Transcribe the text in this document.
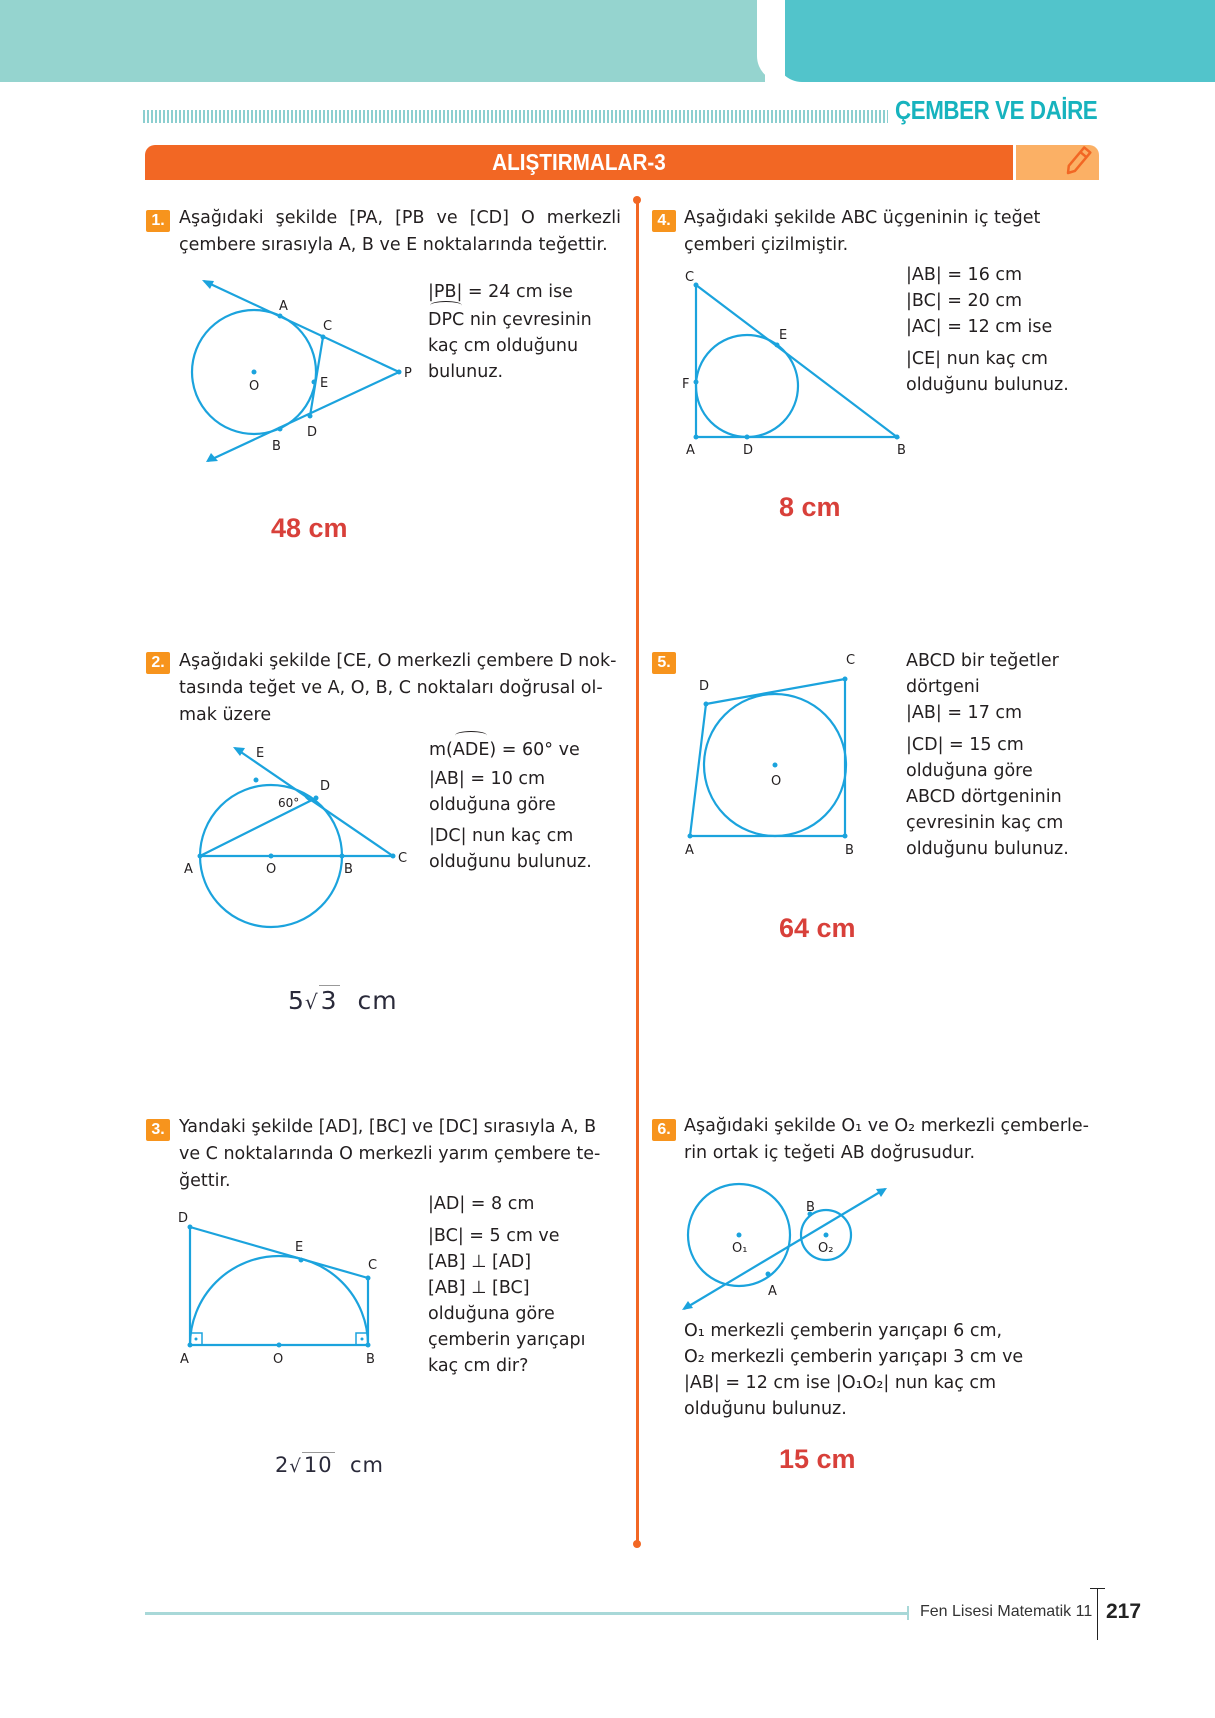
ÇEMBER VE DAİRE
ALIŞTIRMALAR-3
1. Aşağıdaki şekilde [PA, [PB ve [CD] O merkezli çembere sırasıyla A, B ve E noktalarında teğettir.
A
C
O	E
P
D
B
|PB| = 24 cm ise
DPC nin çevresinin
kaç cm olduğunu
bulunuz.
48 cm
2. Aşağıdaki şekilde [CE, O merkezli çembere D nok-
tasında teğet ve A, O, B, C noktaları doğrusal ol-
mak üzere
E
D
60°
A	O	B
C
m(ADE) = 60° ve
|AB| = 10 cm
olduğuna göre
|DC| nun kaç cm
olduğunu bulunuz.
5√3 cm
3. Yandaki şekilde [AD], [BC] ve [DC] sırasıyla A, B
ve C noktalarında O merkezli yarım çembere te-
ğettir.
D
E
C
A	O	B
|AD| = 8 cm
|BC| = 5 cm ve
[AB] ⊥ [AD]
[AB] ⊥ [BC]
olduğuna göre
çemberin yarıçapı
kaç cm dir?
2√10 cm
4. Aşağıdaki şekilde ABC üçgeninin iç teğet
çemberi çizilmiştir.
C
E
F
A	D	B
|AB| = 16 cm
|BC| = 20 cm
|AC| = 12 cm ise
|CE| nun kaç cm
olduğunu bulunuz.
8 cm
5.
D
C
O
A	B
ABCD bir teğetler
dörtgeni
|AB| = 17 cm
|CD| = 15 cm
olduğuna göre
ABCD dörtgeninin
çevresinin kaç cm
olduğunu bulunuz.
64 cm
6. Aşağıdaki şekilde O₁ ve O₂ merkezli çemberle-
rin ortak iç teğeti AB doğrusudur.
O₁	O₂
A
B
O₁ merkezli çemberin yarıçapı 6 cm,
O₂ merkezli çemberin yarıçapı 3 cm ve
|AB| = 12 cm ise |O₁O₂| nun kaç cm
olduğunu bulunuz.
15 cm
Fen Lisesi Matematik 11 217
